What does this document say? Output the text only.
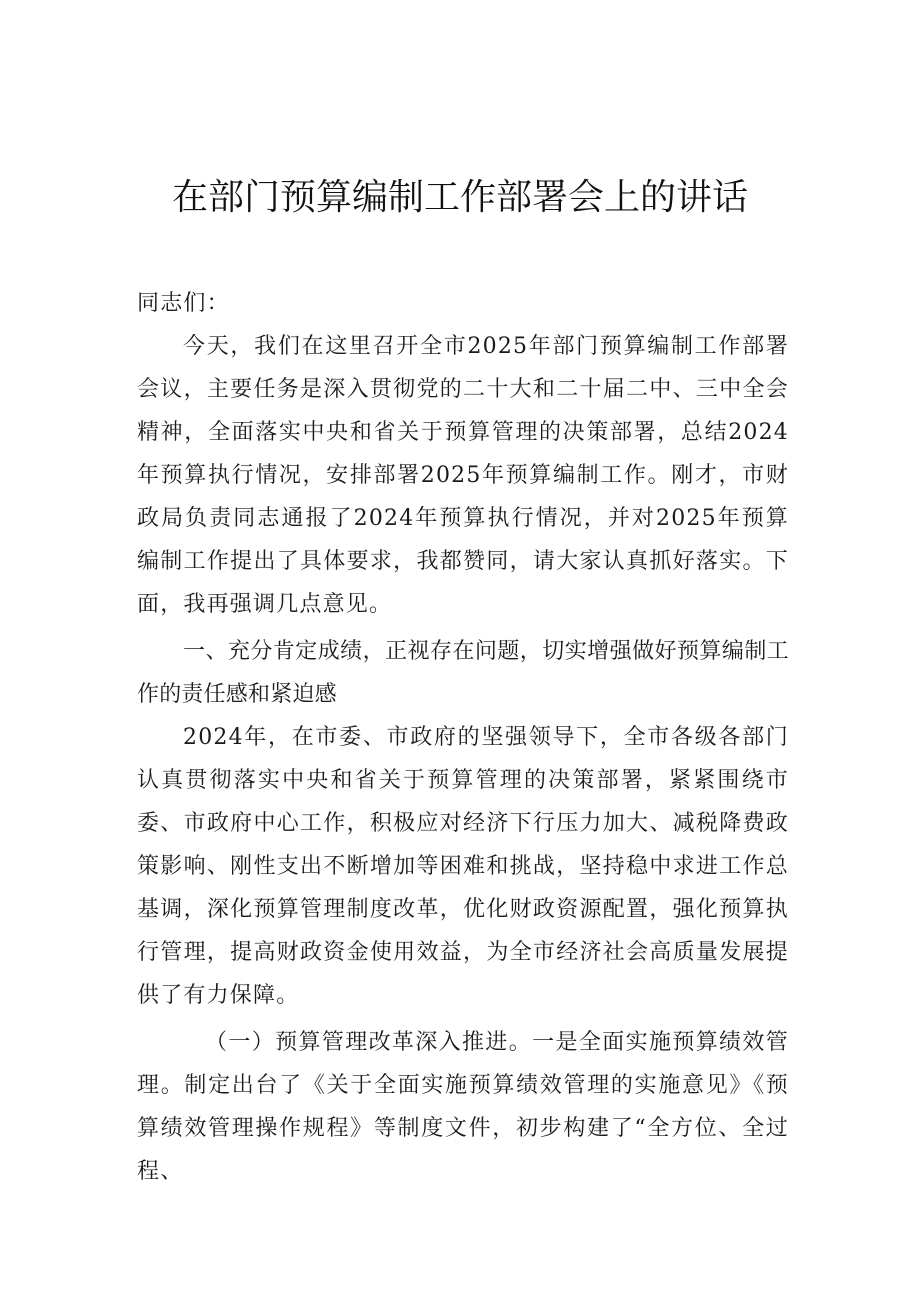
在部门预算编制工作部署会上的讲话

同志们：

今天，我们在这里召开全市2025年部门预算编制工作部署会议，主要任务是深入贯彻党的二十大和二十届二中、三中全会精神，全面落实中央和省关于预算管理的决策部署，总结2024年预算执行情况，安排部署2025年预算编制工作。刚才，市财政局负责同志通报了2024年预算执行情况，并对2025年预算编制工作提出了具体要求，我都赞同，请大家认真抓好落实。下面，我再强调几点意见。

一、充分肯定成绩，正视存在问题，切实增强做好预算编制工作的责任感和紧迫感

2024年，在市委、市政府的坚强领导下，全市各级各部门认真贯彻落实中央和省关于预算管理的决策部署，紧紧围绕市委、市政府中心工作，积极应对经济下行压力加大、减税降费政策影响、刚性支出不断增加等困难和挑战，坚持稳中求进工作总基调，深化预算管理制度改革，优化财政资源配置，强化预算执行管理，提高财政资金使用效益，为全市经济社会高质量发展提供了有力保障。

（一）预算管理改革深入推进。一是全面实施预算绩效管理。制定出台了《关于全面实施预算绩效管理的实施意见》《预算绩效管理操作规程》等制度文件，初步构建了“全方位、全过程、
